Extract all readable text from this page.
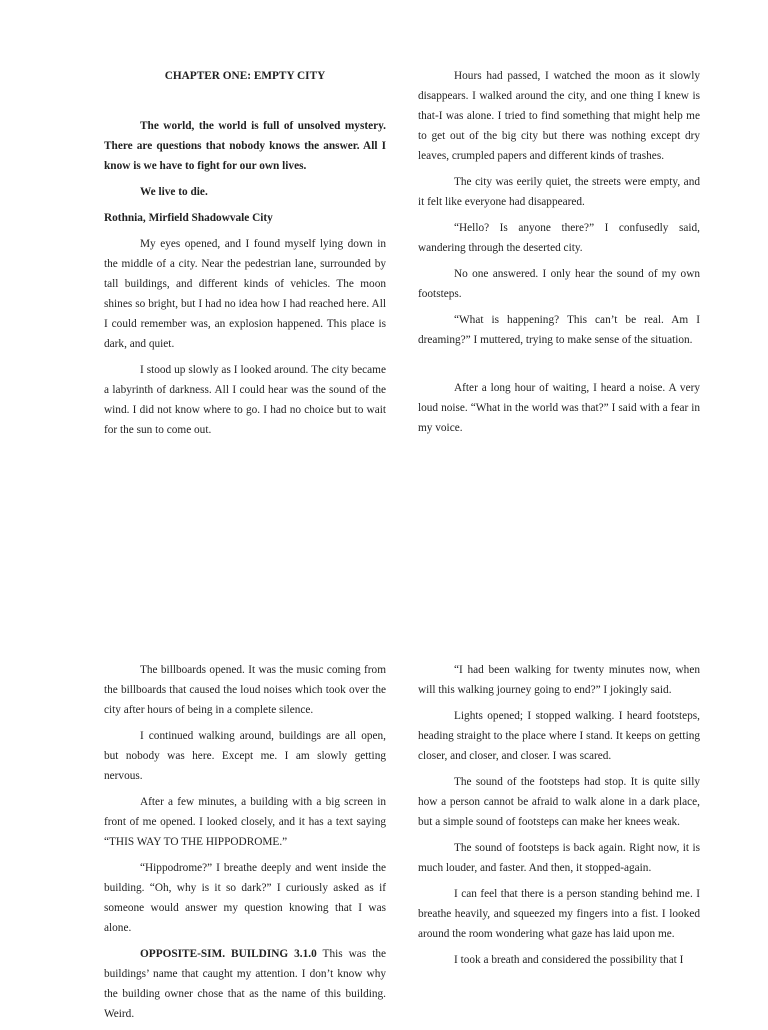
CHAPTER ONE: EMPTY CITY

The world, the world is full of unsolved mystery. There are questions that nobody knows the answer. All I know is we have to fight for our own lives.

We live to die.

Rothnia, Mirfield Shadowvale City

My eyes opened, and I found myself lying down in the middle of a city. Near the pedestrian lane, surrounded by tall buildings, and different kinds of vehicles. The moon shines so bright, but I had no idea how I had reached here. All I could remember was, an explosion happened. This place is dark, and quiet.

I stood up slowly as I looked around. The city became a labyrinth of darkness. All I could hear was the sound of the wind. I did not know where to go. I had no choice but to wait for the sun to come out.

Hours had passed, I watched the moon as it slowly disappears. I walked around the city, and one thing I knew is that-I was alone. I tried to find something that might help me to get out of the big city but there was nothing except dry leaves, crumpled papers and different kinds of trashes.

The city was eerily quiet, the streets were empty, and it felt like everyone had disappeared.

“Hello? Is anyone there?” I confusedly said, wandering through the deserted city.

No one answered. I only hear the sound of my own footsteps.

“What is happening? This can’t be real. Am I dreaming?” I muttered, trying to make sense of the situation.

After a long hour of waiting, I heard a noise. A very loud noise. “What in the world was that?” I said with a fear in my voice.

The billboards opened. It was the music coming from the billboards that caused the loud noises which took over the city after hours of being in a complete silence.

I continued walking around, buildings are all open, but nobody was here. Except me. I am slowly getting nervous.

After a few minutes, a building with a big screen in front of me opened. I looked closely, and it has a text saying “THIS WAY TO THE HIPPODROME.”

“Hippodrome?” I breathe deeply and went inside the building. “Oh, why is it so dark?” I curiously asked as if someone would answer my question knowing that I was alone.

OPPOSITE-SIM. BUILDING 3.1.0 This was the buildings’ name that caught my attention. I don’t know why the building owner chose that as the name of this building. Weird.

“I had been walking for twenty minutes now, when will this walking journey going to end?” I jokingly said.

Lights opened; I stopped walking. I heard footsteps, heading straight to the place where I stand. It keeps on getting closer, and closer, and closer. I was scared.

The sound of the footsteps had stop. It is quite silly how a person cannot be afraid to walk alone in a dark place, but a simple sound of footsteps can make her knees weak.

The sound of footsteps is back again. Right now, it is much louder, and faster. And then, it stopped-again.

I can feel that there is a person standing behind me. I breathe heavily, and squeezed my fingers into a fist. I looked around the room wondering what gaze has laid upon me.

I took a breath and considered the possibility that I
